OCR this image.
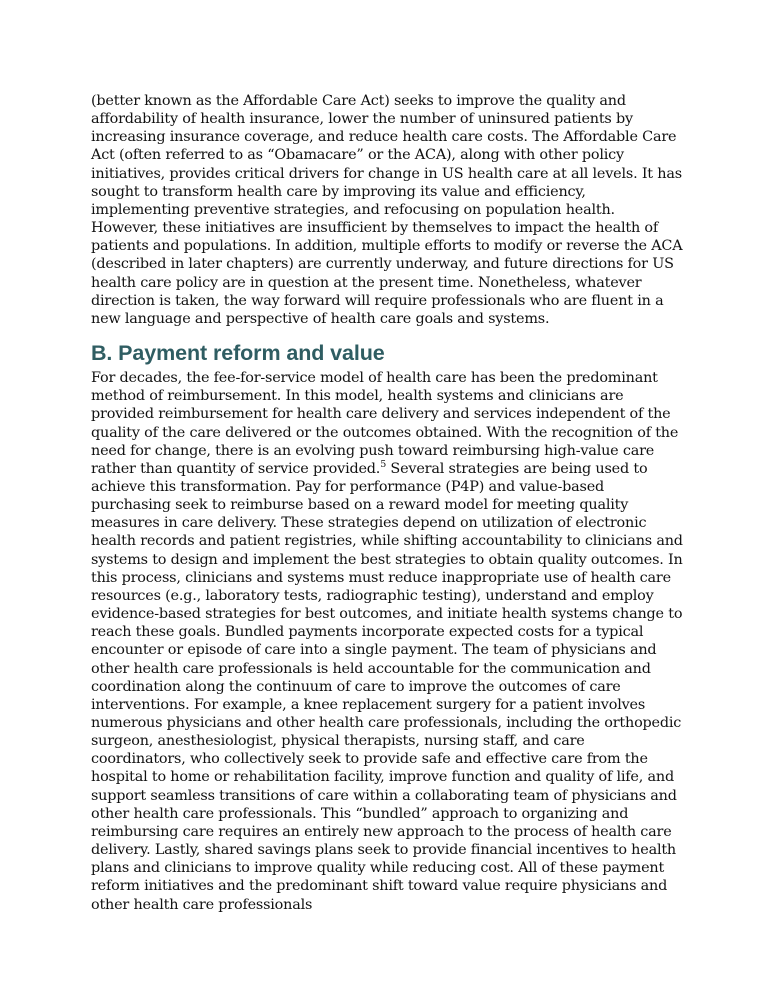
(better known as the Affordable Care Act) seeks to improve the quality and affordability of health insurance, lower the number of uninsured patients by increasing insurance coverage, and reduce health care costs. The Affordable Care Act (often referred to as “Obamacare” or the ACA), along with other policy initiatives, provides critical drivers for change in US health care at all levels. It has sought to transform health care by improving its value and efficiency, implementing preventive strategies, and refocusing on population health. However, these initiatives are insufficient by themselves to impact the health of patients and populations. In addition, multiple efforts to modify or reverse the ACA (described in later chapters) are currently underway, and future directions for US health care policy are in question at the present time. Nonetheless, whatever direction is taken, the way forward will require professionals who are fluent in a new language and perspective of health care goals and systems.

B. Payment reform and value

For decades, the fee-for-service model of health care has been the predominant method of reimbursement. In this model, health systems and clinicians are provided reimbursement for health care delivery and services independent of the quality of the care delivered or the outcomes obtained. With the recognition of the need for change, there is an evolving push toward reimbursing high-value care rather than quantity of service provided.$^5$ Several strategies are being used to achieve this transformation. Pay for performance (P4P) and value-based purchasing seek to reimburse based on a reward model for meeting quality measures in care delivery. These strategies depend on utilization of electronic health records and patient registries, while shifting accountability to clinicians and systems to design and implement the best strategies to obtain quality outcomes. In this process, clinicians and systems must reduce inappropriate use of health care resources (e.g., laboratory tests, radiographic testing), understand and employ evidence-based strategies for best outcomes, and initiate health systems change to reach these goals. Bundled payments incorporate expected costs for a typical encounter or episode of care into a single payment. The team of physicians and other health care professionals is held accountable for the communication and coordination along the continuum of care to improve the outcomes of care interventions. For example, a knee replacement surgery for a patient involves numerous physicians and other health care professionals, including the orthopedic surgeon, anesthesiologist, physical therapists, nursing staff, and care coordinators, who collectively seek to provide safe and effective care from the hospital to home or rehabilitation facility, improve function and quality of life, and support seamless transitions of care within a collaborating team of physicians and other health care professionals. This “bundled” approach to organizing and reimbursing care requires an entirely new approach to the process of health care delivery. Lastly, shared savings plans seek to provide financial incentives to health plans and clinicians to improve quality while reducing cost. All of these payment reform initiatives and the predominant shift toward value require physicians and other health care professionals
